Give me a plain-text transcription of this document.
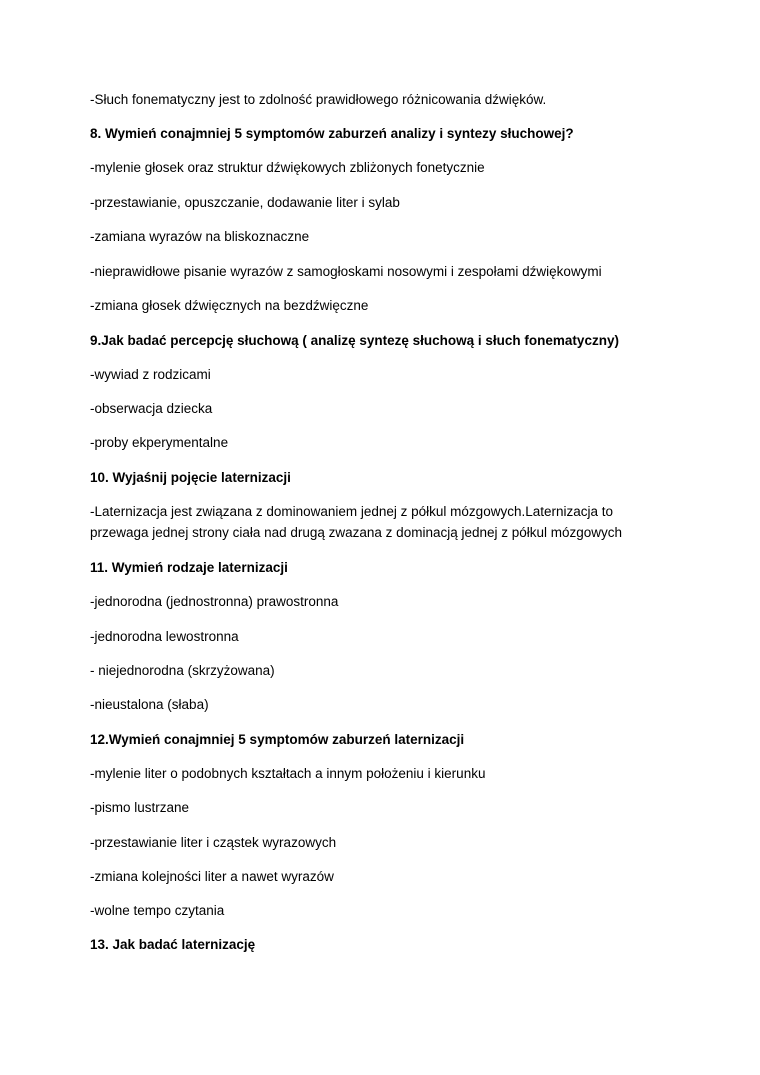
-Słuch fonematyczny jest to zdolność prawidłowego różnicowania dźwięków.
8. Wymień conajmniej 5 symptomów zaburzeń analizy i syntezy słuchowej?
-mylenie głosek oraz struktur dźwiękowych zbliżonych fonetycznie
-przestawianie, opuszczanie, dodawanie liter i sylab
-zamiana wyrazów na bliskoznaczne
-nieprawidłowe pisanie wyrazów z samogłoskami nosowymi i zespołami dźwiękowymi
-zmiana głosek dźwięcznych na bezdźwięczne
9.Jak badać percepcję słuchową ( analizę syntezę słuchową i słuch fonematyczny)
-wywiad z rodzicami
-obserwacja dziecka
-proby ekperymentalne
10. Wyjaśnij pojęcie laternizacji
-Laternizacja jest związana z dominowaniem jednej z półkul mózgowych.Laternizacja to
przewaga jednej strony ciała nad drugą zwazana z dominacją jednej z półkul mózgowych
11. Wymień rodzaje laternizacji
-jednorodna (jednostronna) prawostronna
-jednorodna lewostronna
- niejednorodna (skrzyżowana)
-nieustalona (słaba)
12.Wymień conajmniej 5 symptomów zaburzeń laternizacji
-mylenie liter o podobnych kształtach a innym położeniu i kierunku
-pismo lustrzane
-przestawianie liter i cząstek wyrazowych
-zmiana kolejności liter a nawet wyrazów
-wolne tempo czytania
13. Jak badać laternizację
